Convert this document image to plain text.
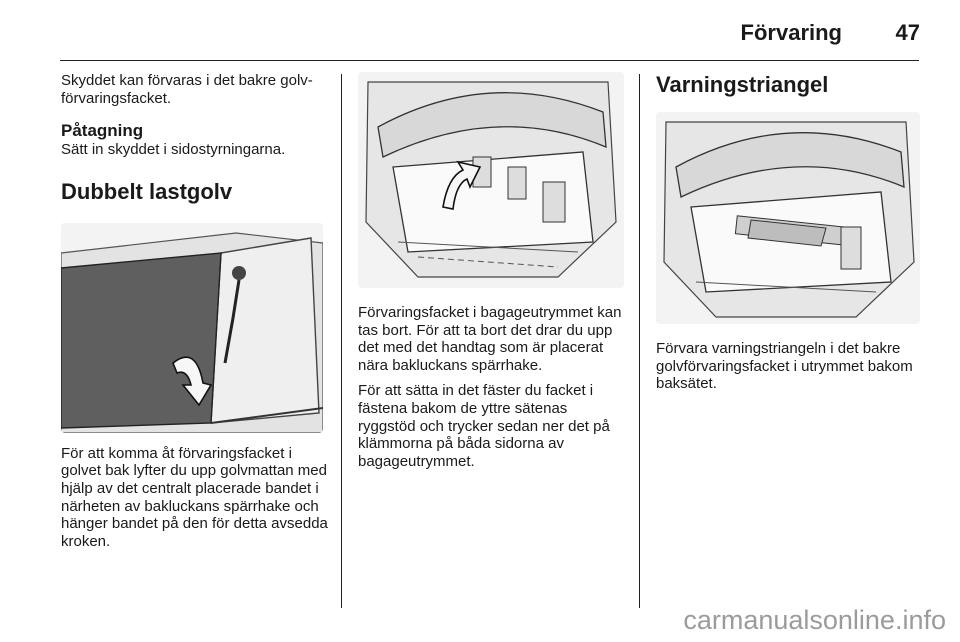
Förvaring 47

Skyddet kan förvaras i det bakre golvförvaringsfacket.

Påtagning

Sätt in skyddet i sidostyrningarna.

Dubbelt lastgolv

För att komma åt förvaringsfacket i golvet bak lyfter du upp golvmattan med hjälp av det centralt placerade bandet i närheten av bakluckans spärrhake och hänger bandet på den för detta avsedda kroken.

Förvaringsfacket i bagageutrymmet kan tas bort. För att ta bort det drar du upp det med det handtag som är placerat nära bakluckans spärrhake.

För att sätta in det fäster du facket i fästena bakom de yttre sätenas ryggstöd och trycker sedan ner det på klämmorna på båda sidorna av bagageutrymmet.

Varningstriangel

Förvara varningstriangeln i det bakre golvförvaringsfacket i utrymmet bakom baksätet.

carmanualsonline.info
